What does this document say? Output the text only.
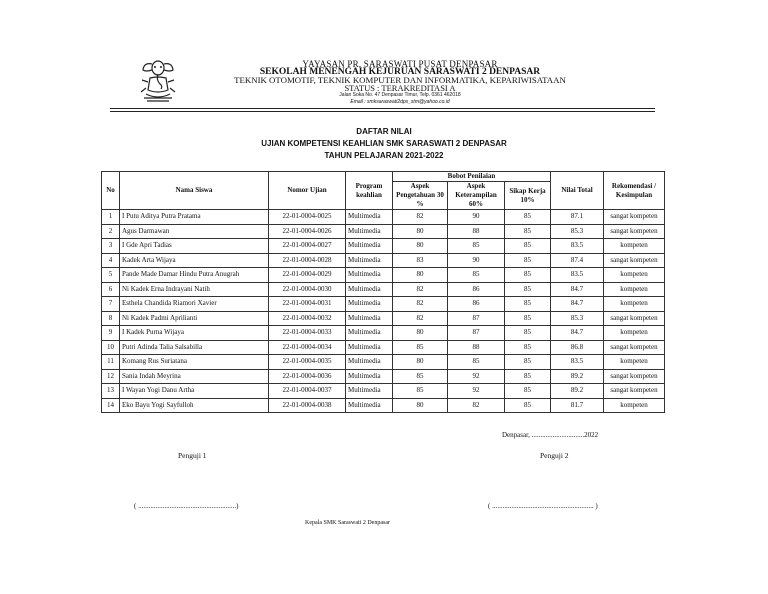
YAYASAN PR. SARASWATI PUSAT DENPASAR
SEKOLAH MENENGAH KEJURUAN SARASWATI 2 DENPASAR
TEKNIK OTOMOTIF, TEKNIK KOMPUTER DAN INFORMATIKA, KEPARIWISATAAN
STATUS : TERAKREDITASI A
Jalan Soka No. 47 Denpasar Timur, Telp. 0361 462018
Email : smksaraswati2dps_stm@yahoo.co.id
DAFTAR NILAI
UJIAN KOMPETENSI KEAHLIAN SMK SARASWATI 2 DENPASAR
TAHUN PELAJARAN 2021-2022
No	Nama Siswa	Nomor Ujian	Program keahlian	Bobot Penilaian			Nilai Total	Rekomendasi / Kesimpulan
				Aspek Pengetahuan 30 %	Aspek Keterampilan 60%	Sikap Kerja 10%		
1	I Putu Aditya Putra Pratama	22-01-0004-0025	Multimedia	82	90	85	87.1	sangat kompeten
2	Agus Darmawan	22-01-0004-0026	Multimedia	80	88	85	85.3	sangat kompeten
3	I Gde Apri Tadias	22-01-0004-0027	Multimedia	80	85	85	83.5	kompeten
4	Kadek Arta Wijaya	22-01-0004-0028	Multimedia	83	90	85	87.4	sangat kompeten
5	Pande Made Damar Hindu Putra Anugrah	22-01-0004-0029	Multimedia	80	85	85	83.5	kompeten
6	Ni Kadek Erna Indrayani Natih	22-01-0004-0030	Multimedia	82	86	85	84.7	kompeten
7	Esthela Chandida Riamori Xavier	22-01-0004-0031	Multimedia	82	86	85	84.7	kompeten
8	Ni Kadek Padmi Aprilianti	22-01-0004-0032	Multimedia	82	87	85	85.3	sangat kompeten
9	I Kadek Purna Wijaya	22-01-0004-0033	Multimedia	80	87	85	84.7	kompeten
10	Putri Adinda Talia Salsabilla	22-01-0004-0034	Multimedia	85	88	85	86.8	sangat kompeten
11	Komang Rus Suriatana	22-01-0004-0035	Multimedia	80	85	85	83.5	kompeten
12	Sania Indah Meyrina	22-01-0004-0036	Multimedia	85	92	85	89.2	sangat kompeten
13	I Wayan Yogi Danu Artha	22-01-0004-0037	Multimedia	85	92	85	89.2	sangat kompeten
14	Eko Bayu Yogi Sayfulloh	22-01-0004-0038	Multimedia	80	82	85	81.7	kompeten
Denpasar, ..............................2022
Penguji 1	Penguji 2
( ........................................................)	( .......................................................... )
Kepala SMK Saraswati 2 Denpasar
